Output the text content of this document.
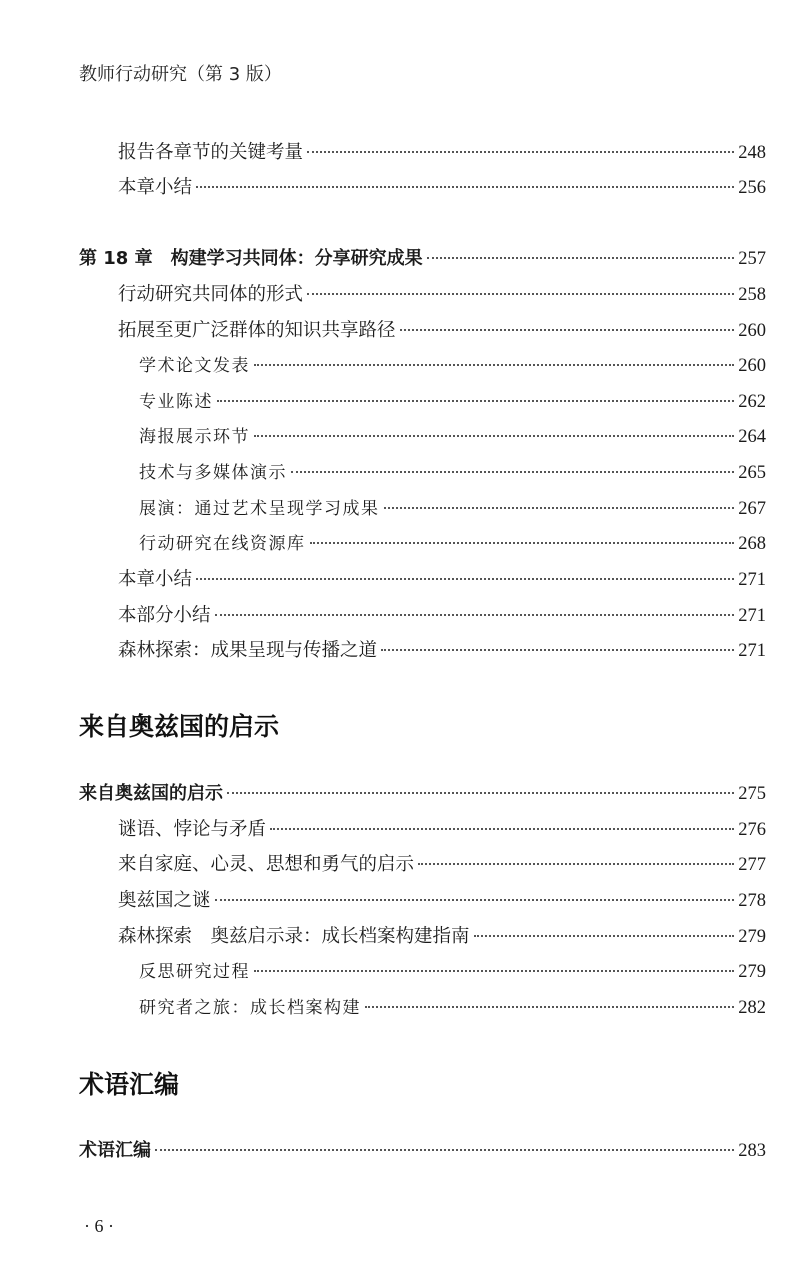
教师行动研究（第 3 版）
报告各章节的关键考量	248
本章小结	256
第 18 章　构建学习共同体：分享研究成果	257
行动研究共同体的形式	258
拓展至更广泛群体的知识共享路径	260
学术论文发表	260
专业陈述	262
海报展示环节	264
技术与多媒体演示	265
展演：通过艺术呈现学习成果	267
行动研究在线资源库	268
本章小结	271
本部分小结	271
森林探索：成果呈现与传播之道	271
来自奥兹国的启示
来自奥兹国的启示	275
谜语、悖论与矛盾	276
来自家庭、心灵、思想和勇气的启示	277
奥兹国之谜	278
森林探索　奥兹启示录：成长档案构建指南	279
反思研究过程	279
研究者之旅：成长档案构建	282
术语汇编
术语汇编	283
· 6 ·
